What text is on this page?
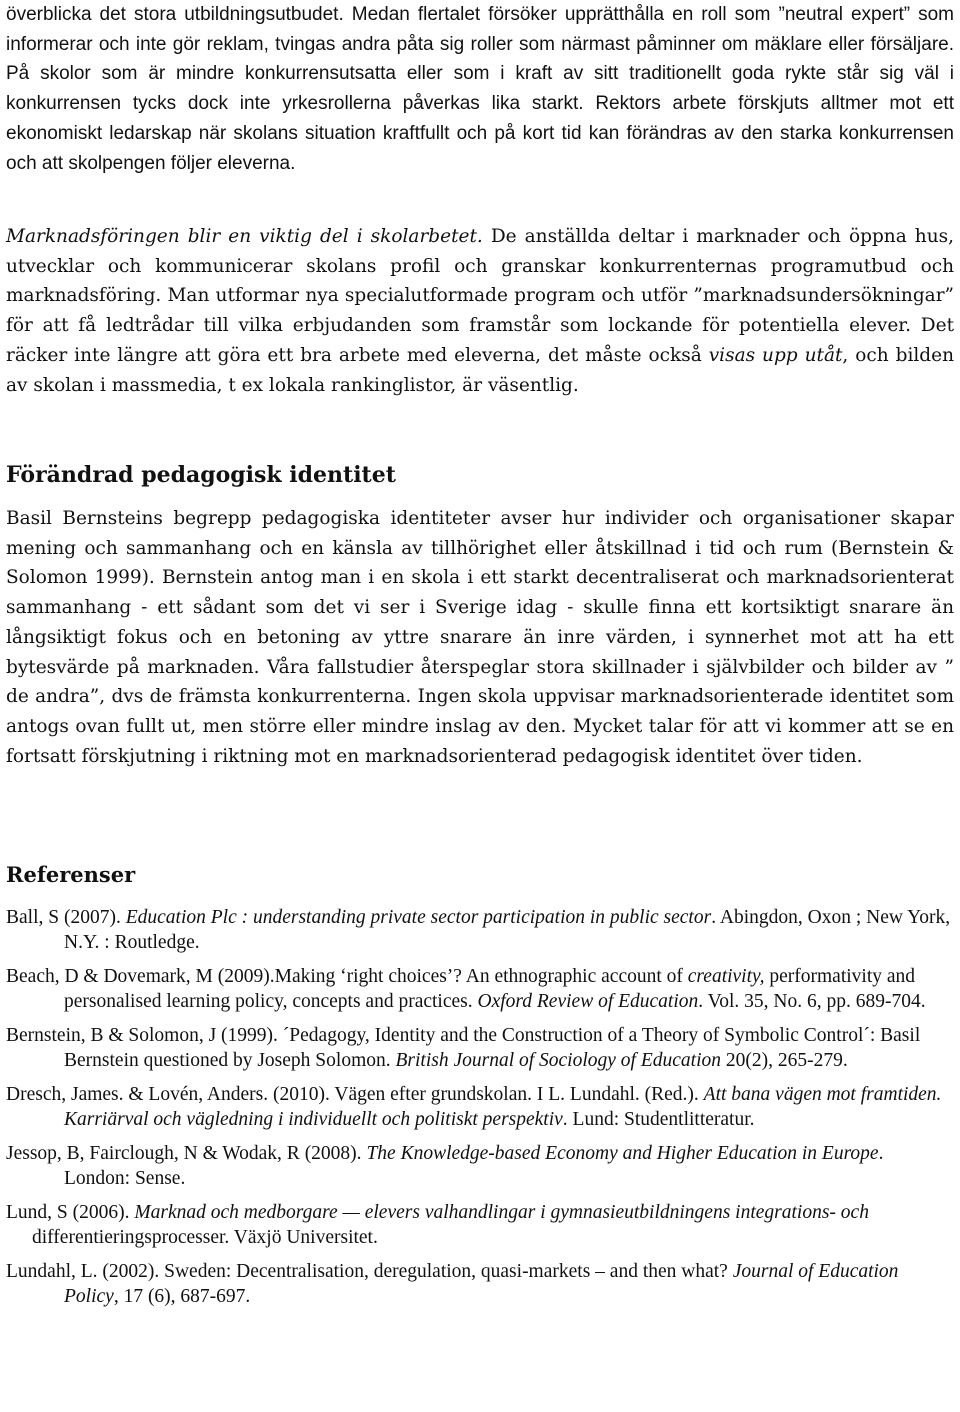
överblicka det stora utbildningsutbudet. Medan flertalet försöker upprätthålla en roll som ”neutral expert” som informerar och inte gör reklam, tvingas andra påta sig roller som närmast påminner om mäklare eller försäljare. På skolor som är mindre konkurrensutsatta eller som i kraft av sitt traditionellt goda rykte står sig väl i konkurrensen tycks dock inte yrkesrollerna påverkas lika starkt. Rektors arbete förskjuts alltmer mot ett ekonomiskt ledarskap när skolans situation kraftfullt och på kort tid kan förändras av den starka konkurrensen och att skolpengen följer eleverna.

Marknadsföringen blir en viktig del i skolarbetet. De anställda deltar i marknader och öppna hus, utvecklar och kommunicerar skolans profil och granskar konkurrenternas programutbud och marknadsföring. Man utformar nya specialutformade program och utför ”marknadsundersökningar” för att få ledtrådar till vilka erbjudanden som framstår som lockande för potentiella elever. Det räcker inte längre att göra ett bra arbete med eleverna, det måste också visas upp utåt, och bilden av skolan i massmedia, t ex lokala rankinglistor, är väsentlig.

Förändrad pedagogisk identitet

Basil Bernsteins begrepp pedagogiska identiteter avser hur individer och organisationer skapar mening och sammanhang och en känsla av tillhörighet eller åtskillnad i tid och rum (Bernstein & Solomon 1999). Bernstein antog man i en skola i ett starkt decentraliserat och marknadsorienterat sammanhang - ett sådant som det vi ser i Sverige idag - skulle finna ett kortsiktigt snarare än långsiktigt fokus och en betoning av yttre snarare än inre värden, i synnerhet mot att ha ett bytesvärde på marknaden. Våra fallstudier återspeglar stora skillnader i självbilder och bilder av ” de andra”, dvs de främsta konkurrenterna. Ingen skola uppvisar marknadsorienterade identitet som antogs ovan fullt ut, men större eller mindre inslag av den. Mycket talar för att vi kommer att se en fortsatt förskjutning i riktning mot en marknadsorienterad pedagogisk identitet över tiden.

Referenser

Ball, S (2007). Education Plc : understanding private sector participation in public sector. Abingdon, Oxon ; New York, N.Y. : Routledge.

Beach, D & Dovemark, M (2009).Making ‘right choices’? An ethnographic account of creativity, performativity and personalised learning policy, concepts and practices. Oxford Review of Education. Vol. 35, No. 6, pp. 689-704.

Bernstein, B & Solomon, J (1999). ´Pedagogy, Identity and the Construction of a Theory of Symbolic Control´: Basil Bernstein questioned by Joseph Solomon. British Journal of Sociology of Education 20(2), 265-279.

Dresch, James. & Lovén, Anders. (2010). Vägen efter grundskolan. I L. Lundahl. (Red.). Att bana vägen mot framtiden. Karriärval och vägledning i individuellt och politiskt perspektiv. Lund: Studentlitteratur.

Jessop, B, Fairclough, N & Wodak, R (2008). The Knowledge-based Economy and Higher Education in Europe. London: Sense.

Lund, S (2006). Marknad och medborgare — elevers valhandlingar i gymnasieutbildningens integrations- och differentieringsprocesser. Växjö Universitet.

Lundahl, L. (2002). Sweden: Decentralisation, deregulation, quasi-markets – and then what? Journal of Education Policy, 17 (6), 687-697.
